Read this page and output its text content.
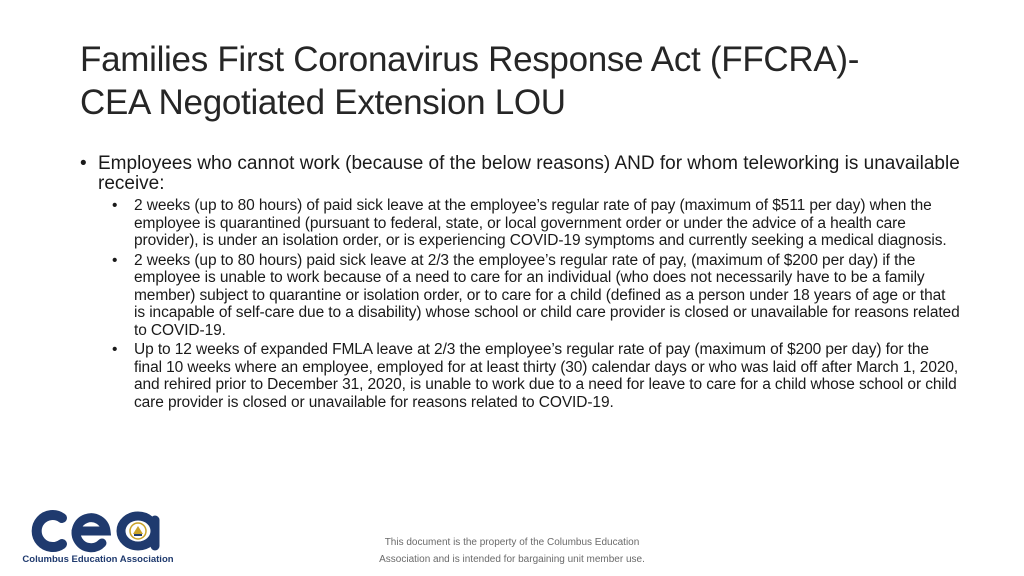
Families First Coronavirus Response Act (FFCRA)-
CEA Negotiated Extension LOU
• Employees who cannot work (because of the below reasons) AND for whom teleworking is unavailable receive:
•	2 weeks (up to 80 hours) of paid sick leave at the employee’s regular rate of pay (maximum of $511 per day) when the employee is quarantined (pursuant to federal, state, or local government order or under the advice of a health care provider), is under an isolation order, or is experiencing COVID-19 symptoms and currently seeking a medical diagnosis.
•	2 weeks (up to 80 hours) paid sick leave at 2/3 the employee’s regular rate of pay, (maximum of $200 per day) if the employee is unable to work because of a need to care for an individual (who does not necessarily have to be a family member) subject to quarantine or isolation order, or to care for a child (defined as a person under 18 years of age or that is incapable of self-care due to a disability) whose school or child care provider is closed or unavailable for reasons related to COVID-19.
•	Up to 12 weeks of expanded FMLA leave at 2/3 the employee’s regular rate of pay (maximum of $200 per day) for the final 10 weeks where an employee, employed for at least thirty (30) calendar days or who was laid off after March 1, 2020, and rehired prior to December 31, 2020, is unable to work due to a need for leave to care for a child whose school or child care provider is closed or unavailable for reasons related to COVID-19.
Columbus Education Association
This document is the property of the Columbus Education
Association and is intended for bargaining unit member use.
